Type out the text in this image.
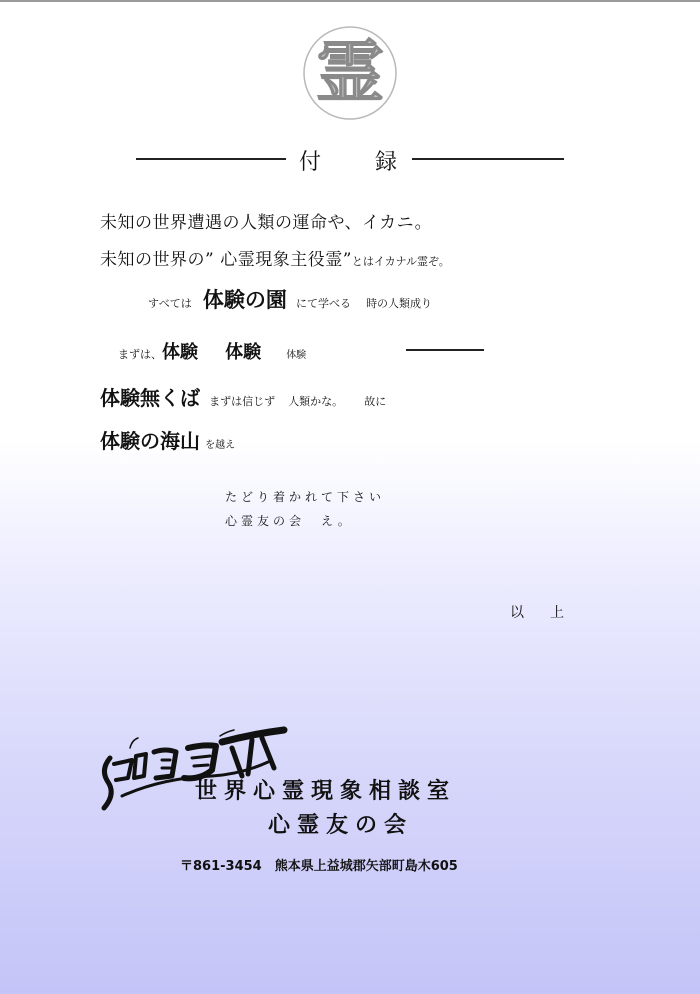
霊
付 録
未知の世界遭遇の人類の運命や、イカニ。
未知の世界の” 心霊現象主役霊”とはイカナル霊ぞ。
すべては 体験の園 にて学べる 時の人類成り
まずは、体験 体験	体験
体験無くば まずは信じず 人類かな。 故に
体験の海山 を越え
たどり着かれて下さい
心霊友の会　え。
以　上
世界心霊現象相談室
心霊友の会
〒861-3454　熊本県上益城郡矢部町島木605
